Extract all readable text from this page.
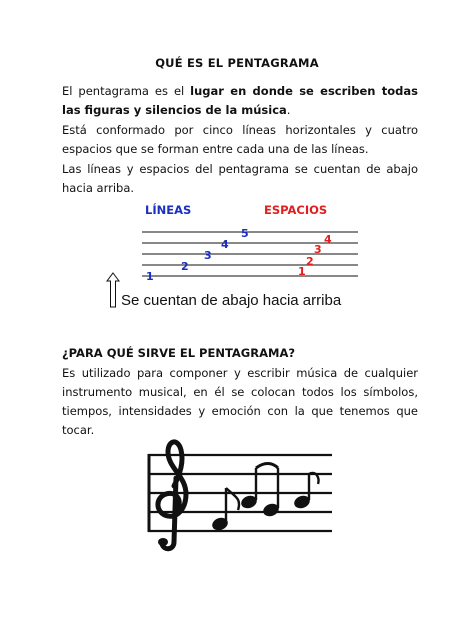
QUÉ ES EL PENTAGRAMA
El pentagrama es el lugar en donde se escriben todas las figuras y silencios de la música.
Está conformado por cinco líneas horizontales y cuatro espacios que se forman entre cada una de las líneas.
Las líneas y espacios del pentagrama se cuentan de abajo hacia arriba.
LÍNEAS	ESPACIOS
1
2
3
4
5
1
2
3
4
Se cuentan de abajo hacia arriba
¿PARA QUÉ SIRVE EL PENTAGRAMA?
Es utilizado para componer y escribir música de cualquier instrumento musical, en él se colocan todos los símbolos, tiempos, intensidades y emoción con la que tenemos que tocar.
